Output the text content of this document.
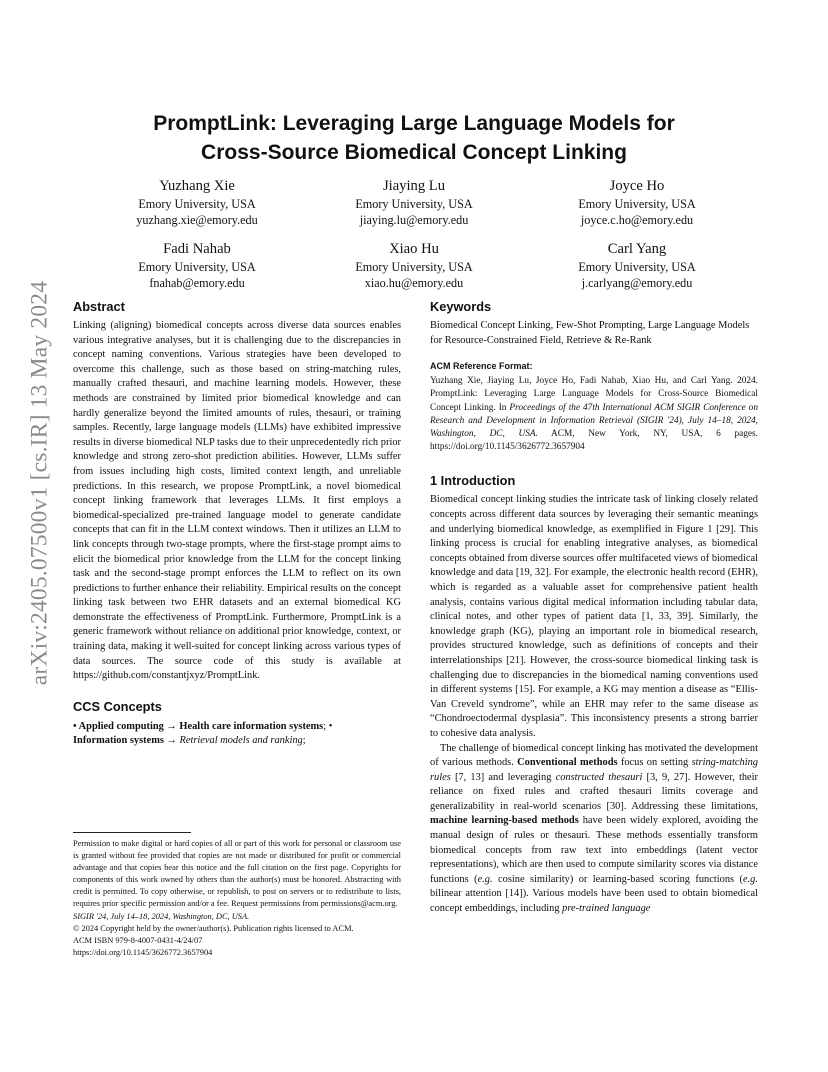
arXiv:2405.07500v1 [cs.IR] 13 May 2024
PromptLink: Leveraging Large Language Models for
Cross-Source Biomedical Concept Linking
Yuzhang Xie
Emory University, USA
yuzhang.xie@emory.edu
Jiaying Lu
Emory University, USA
jiaying.lu@emory.edu
Joyce Ho
Emory University, USA
joyce.c.ho@emory.edu
Fadi Nahab
Emory University, USA
fnahab@emory.edu
Xiao Hu
Emory University, USA
xiao.hu@emory.edu
Carl Yang
Emory University, USA
j.carlyang@emory.edu
Abstract

Linking (aligning) biomedical concepts across diverse data sources enables various integrative analyses, but it is challenging due to the discrepancies in concept naming conventions. Various strategies have been developed to overcome this challenge, such as those based on string-matching rules, manually crafted thesauri, and machine learning models. However, these methods are constrained by limited prior biomedical knowledge and can hardly generalize beyond the limited amounts of rules, thesauri, or training samples. Recently, large language models (LLMs) have exhibited impressive results in diverse biomedical NLP tasks due to their unprecedentedly rich prior knowledge and strong zero-shot prediction abilities. However, LLMs suffer from issues including high costs, limited context length, and unreliable predictions. In this research, we propose PromptLink, a novel biomedical concept linking framework that leverages LLMs. It first employs a biomedical-specialized pre-trained language model to generate candidate concepts that can fit in the LLM context windows. Then it utilizes an LLM to link concepts through two-stage prompts, where the first-stage prompt aims to elicit the biomedical prior knowledge from the LLM for the concept linking task and the second-stage prompt enforces the LLM to reflect on its own predictions to further enhance their reliability. Empirical results on the concept linking task between two EHR datasets and an external biomedical KG demonstrate the effectiveness of PromptLink. Furthermore, PromptLink is a generic framework without reliance on additional prior knowledge, context, or training data, making it well-suited for concept linking across various types of data sources. The source code of this study is available at https://github.com/constantjxyz/PromptLink.

CCS Concepts

• Applied computing → Health care information systems; •
Information systems → Retrieval models and ranking;

Permission to make digital or hard copies of all or part of this work for personal or classroom use is granted without fee provided that copies are not made or distributed for profit or commercial advantage and that copies bear this notice and the full citation on the first page. Copyrights for components of this work owned by others than the author(s) must be honored. Abstracting with credit is permitted. To copy otherwise, or republish, to post on servers or to redistribute to lists, requires prior specific permission and/or a fee. Request permissions from permissions@acm.org.

SIGIR '24, July 14–18, 2024, Washington, DC, USA.

© 2024 Copyright held by the owner/author(s). Publication rights licensed to ACM.

ACM ISBN 979-8-4007-0431-4/24/07

https://doi.org/10.1145/3626772.3657904

Keywords

Biomedical Concept Linking, Few-Shot Prompting, Large Language Models for Resource-Constrained Field, Retrieve & Re-Rank

ACM Reference Format:

Yuzhang Xie, Jiaying Lu, Joyce Ho, Fadi Nahab, Xiao Hu, and Carl Yang. 2024. PromptLink: Leveraging Large Language Models for Cross-Source Biomedical Concept Linking. In Proceedings of the 47th International ACM SIGIR Conference on Research and Development in Information Retrieval (SIGIR '24), July 14–18, 2024, Washington, DC, USA. ACM, New York, NY, USA, 6 pages. https://doi.org/10.1145/3626772.3657904

1 Introduction

Biomedical concept linking studies the intricate task of linking closely related concepts across different data sources by leveraging their semantic meanings and underlying biomedical knowledge, as exemplified in Figure 1 [29]. This linking process is crucial for enabling integrative analyses, as biomedical concepts obtained from diverse sources offer multifaceted views of biomedical knowledge and data [19, 32]. For example, the electronic health record (EHR), which is regarded as a valuable asset for comprehensive patient health analysis, contains various digital medical information including tabular data, clinical notes, and other types of patient data [1, 33, 39]. Similarly, the knowledge graph (KG), playing an important role in biomedical research, provides structured knowledge, such as definitions of concepts and their interrelationships [21]. However, the cross-source biomedical linking task is challenging due to discrepancies in the biomedical naming conventions used in different systems [15]. For example, a KG may mention a disease as “Ellis-Van Creveld syndrome”, while an EHR may refer to the same disease as “Chondroectodermal dysplasia”. This inconsistency presents a strong barrier to cohesive data analysis.

The challenge of biomedical concept linking has motivated the development of various methods. Conventional methods focus on setting string-matching rules [7, 13] and leveraging constructed thesauri [3, 9, 27]. However, their reliance on fixed rules and crafted thesauri limits coverage and generalizability in real-world scenarios [30]. Addressing these limitations, machine learning-based methods have been widely explored, avoiding the manual design of rules or thesauri. These methods essentially transform biomedical concepts from raw text into embeddings (latent vector representations), which are then used to compute similarity scores via distance functions (e.g. cosine similarity) or learning-based scoring functions (e.g. bilinear attention [14]). Various models have been used to obtain biomedical concept embeddings, including pre-trained language
